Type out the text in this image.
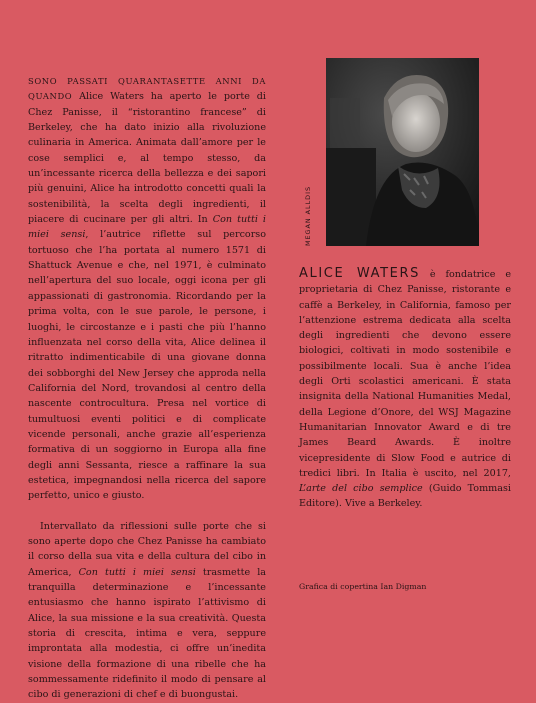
SONO PASSATI QUARANTASETTE ANNI DA QUANDO Alice Waters ha aperto le porte di Chez Panisse, il “ristorantino francese” di Berkeley, che ha dato inizio alla rivoluzione culinaria in America. Animata dall’amore per le cose semplici e, al tempo stesso, da un’incessante ricerca della bellezza e dei sapori più genuini, Alice ha introdotto concetti quali la sostenibilità, la scelta degli ingredienti, il piacere di cucinare per gli altri. In Con tutti i miei sensi, l’autrice riflette sul percorso tortuoso che l’ha portata al numero 1571 di Shattuck Avenue e che, nel 1971, è culminato nell’apertura del suo locale, oggi icona per gli appassionati di gastronomia. Ricordando per la prima volta, con le sue parole, le persone, i luoghi, le circostanze e i pasti che più l’hanno influenzata nel corso della vita, Alice delinea il ritratto indimenticabile di una giovane donna dei sobborghi del New Jersey che approda nella California del Nord, trovandosi al centro della nascente controcultura. Presa nel vortice di tumultuosi eventi politici e di complicate vicende personali, anche grazie all’esperienza formativa di un soggiorno in Europa alla fine degli anni Sessanta, riesce a raffinare la sua estetica, impegnandosi nella ricerca del sapore perfetto, unico e giusto.

Intervallato da riflessioni sulle porte che si sono aperte dopo che Chez Panisse ha cambiato il corso della sua vita e della cultura del cibo in America, Con tutti i miei sensi trasmette la tranquilla determinazione e l’incessante entusiasmo che hanno ispirato l’attivismo di Alice, la sua missione e la sua creatività. Questa storia di crescita, intima e vera, seppure improntata alla modestia, ci offre un’inedita visione della formazione di una ribelle che ha sommessamente ridefinito il modo di pensare al cibo di generazioni di chef e di buongustai.

MEGAN ALLDIS
ALICE WATERS è fondatrice e proprietaria di Chez Panisse, ristorante e caffè a Berkeley, in California, famoso per l’attenzione estrema dedicata alla scelta degli ingredienti che devono essere biologici, coltivati in modo sostenibile e possibilmente locali. Sua è anche l’idea degli Orti scolastici americani. È stata insignita della National Humanities Medal, della Legione d’Onore, del WSJ Magazine Humanitarian Innovator Award e di tre James Beard Awards. È inoltre vicepresidente di Slow Food e autrice di tredici libri. In Italia è uscito, nel 2017, L’arte del cibo semplice (Guido Tommasi Editore). Vive a Berkeley.
Grafica di copertina Ian Digman
